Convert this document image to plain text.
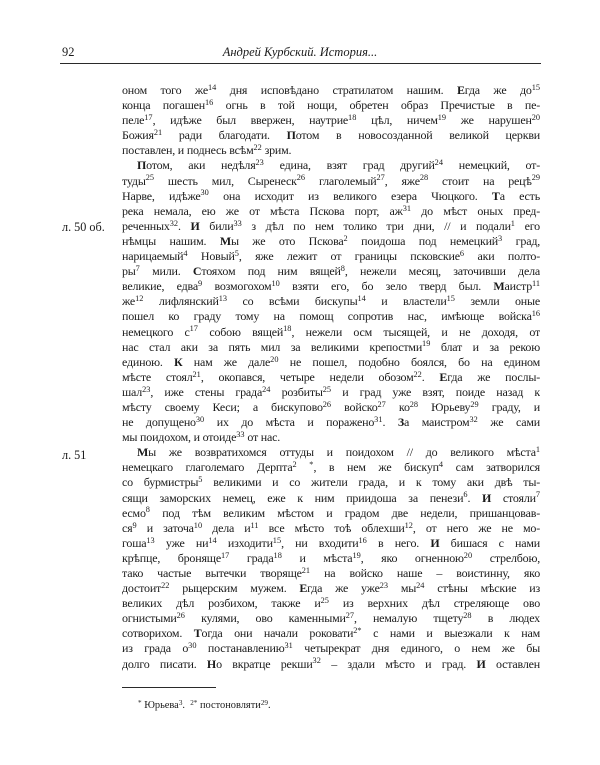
92	Андрей Курбский. История...
л. 50 об.
л. 51
оном того $же^{14}$ дня исповѣдано стратилатом нашим. Егда же $до^{15}$
конца погашен$^{16}$ огнь в той нощи, обретен образ Пречистые в пе-
пеле$^{17}$, идѣже был ввержен, наутрие$^{18}$ цѣл, ничем$^{19}$ же нарушен$^{20}$
Божия$^{21}$ ради благодати. Потом в новосозданной великой церкви
поставлен, и поднесь всѣм$^{22}$ зрим.
Потом, аки недѣля$^{23}$ едина, взят град другий$^{24}$ немецкий, от-
туды$^{25}$ шесть мил, Сыренеск$^{26}$ глаголемый$^{27}$, яже$^{28}$ стоит на рецѣ$^{29}$
Нарве, идѣже$^{30}$ она исходит из великого езера Чюцкого. Та есть
река немала, ею же от мѣста Пскова порт, $аж^{31}$ до мѣст оных пред-
реченных$^{32}$. И били$^{33}$ з дѣл по нем толико три дни, // и подали$^1$ его
нѣмцы нашим. Мы же ото Пскова$^2$ поидоша под немецкий$^3$ град,
нарицаемый$^4$ Новый$^5$, яже лежит от границы псковские$^6$ аки полто-
$ры^7$ мили. Стояхом под ним вящей$^8$, нежели месяц, заточивши дела
великие, едва$^9$ возмогохом$^{10}$ взяти его, бо зело тверд был. Маистр$^{11}$
$же^{12}$ лифлянский$^{13}$ со всѣми бискупы$^{14}$ и властели$^{15}$ земли оные
пошел ко граду тому на помощ сопротив нас, имѣюще войска$^{16}$
немецкого $с^{17}$ собою вящей$^{18}$, нежели осм тысящей, и не доходя, от
нас стал аки за пять мил за великими крепостми$^{19}$ блат и за рекою
единою. К нам же дале$^{20}$ не пошел, подобно боялся, бо на едином
мѣсте стоял$^{21}$, окопався, четыре недели обозом$^{22}$. Егда же послы-
шал$^{23}$, иже стены града$^{24}$ розбиты$^{25}$ и град уже взят, поиде назад к
мѣсту своему Кеси; а бискупово$^{26}$ войско$^{27}$ $ко^{28}$ Юрьеву$^{29}$ граду, и
не допущено$^{30}$ их до мѣста и поражено$^{31}$. За маистром$^{32}$ же сами
мы поидохом, и отоиде$^{33}$ от нас.
Мы же возвратихомся оттуды и поидохом // до великого мѣста$^1$
немецкаго глаголемаго Дерпта$^2$ *, в нем же бискуп$^4$ сам затворился
со бурмистры$^5$ великими и со жители града, и к тому аки двѣ ты-
сящи заморских немец, еже к ним приидоша за пенези$^6$. И стояли$^7$
есмо$^8$ под тѣм великим мѣстом и градом две недели, пришанцовав-
$ся^9$ и заточа$^{10}$ дела $и^{11}$ все мѣсто тоѣ облехши$^{12}$, от него же не мо-
гоша$^{13}$ уже $ни^{14}$ изходити$^{15}$, ни входити$^{16}$ в него. И бишася с нами
крѣпце, броняще$^{17}$ града$^{18}$ и мѣста$^{19}$, яко огненною$^{20}$ стрелбою,
тако частые вытечки творяще$^{21}$ на войско наше – воистинну, яко
достоит$^{22}$ рыцерским мужем. Егда же уже$^{23}$ $мы^{24}$ стѣны мѣские из
великих дѣл розбихом, также $и^{25}$ из верхних дѣл стреляюще ово
огнистыми$^{26}$ кулями, ово каменными$^{27}$, немалую тщету$^{28}$ в людех
сотворихом. Тогда они начали роковати$^{2*}$ с нами и выезжали к нам
из града $о^{30}$ постанавлению$^{31}$ четырекрат дня единого, о нем же бы
долго писати. Но вкратце рекши$^{32}$ – здали мѣсто и град. И оставлен
* Юрьева$^3$. $^{2*}$ постоновляти$^{29}$.
